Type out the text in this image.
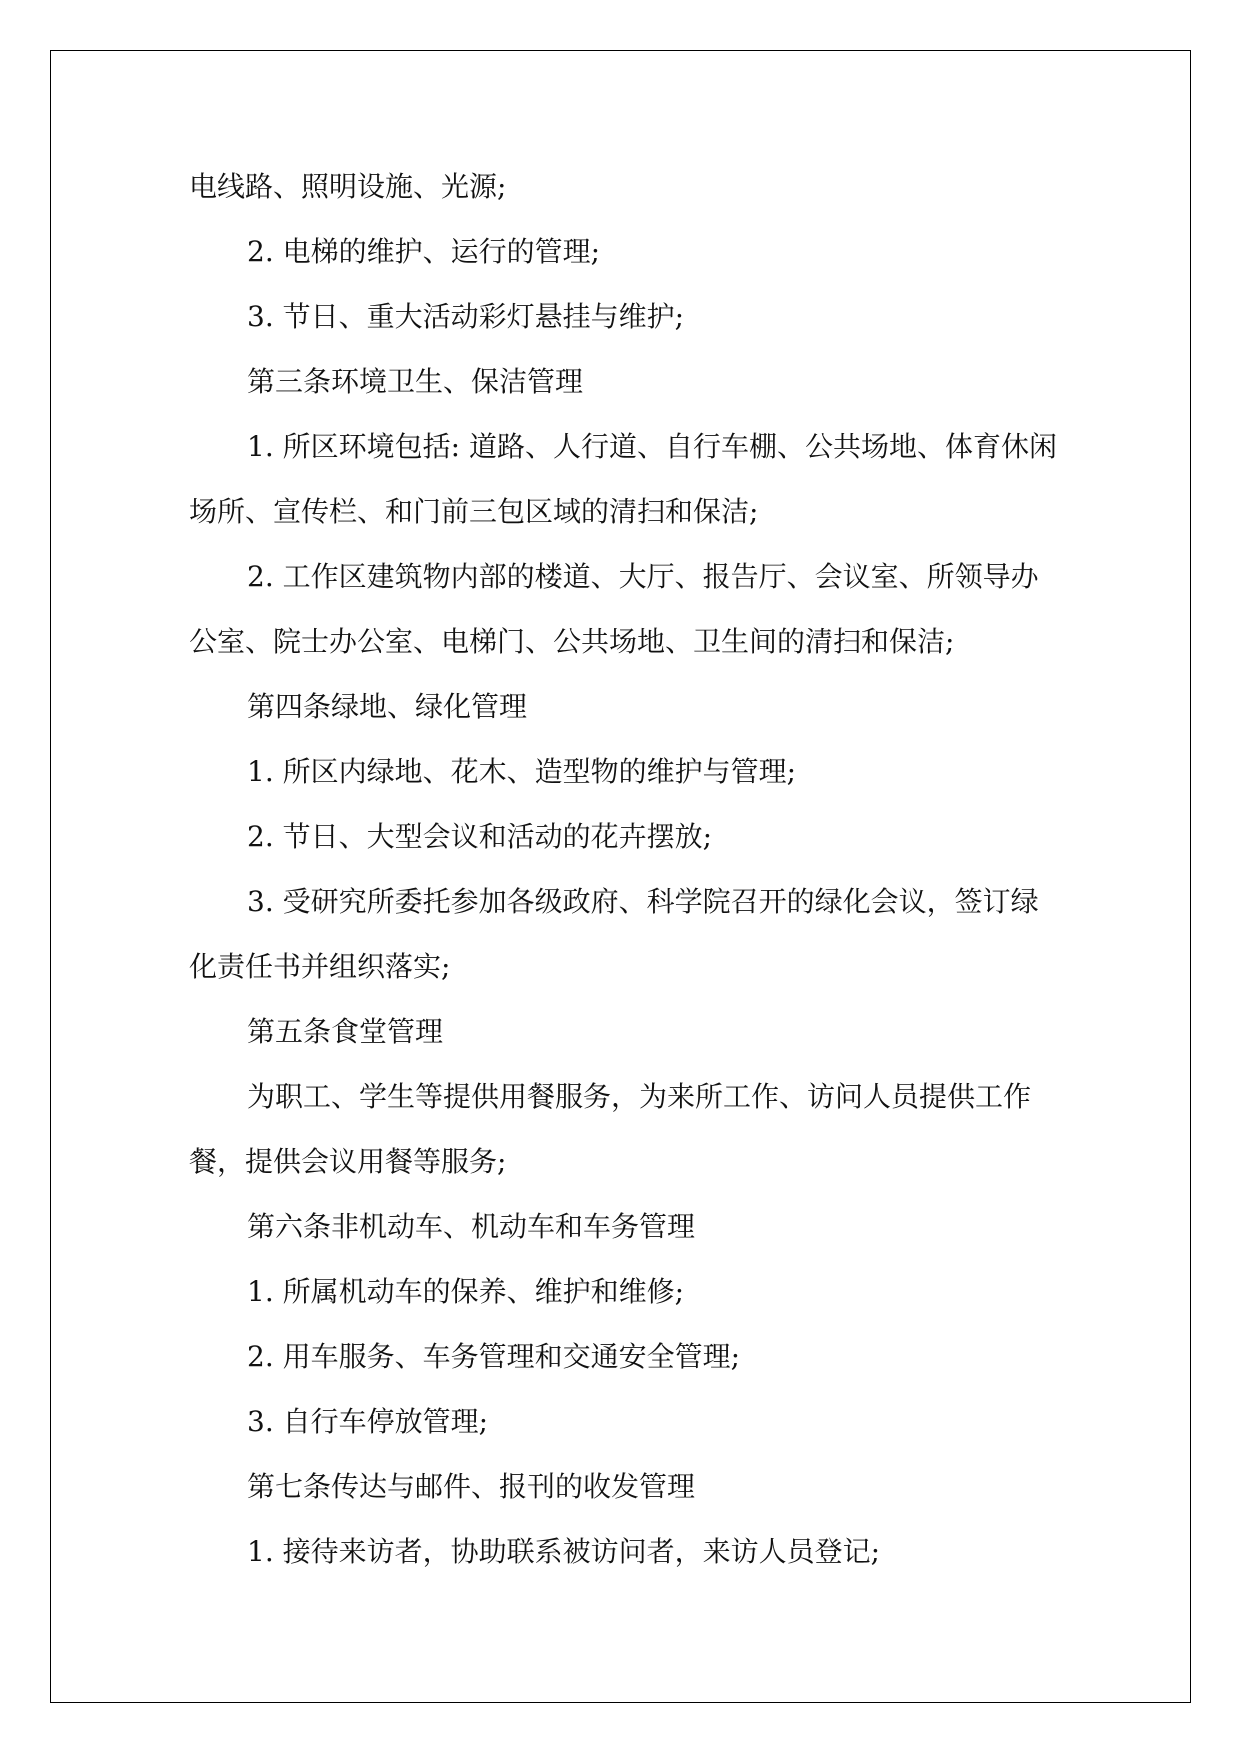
电线路、照明设施、光源;

2. 电梯的维护、运行的管理;

3. 节日、重大活动彩灯悬挂与维护;

第三条环境卫生、保洁管理

1. 所区环境包括: 道路、人行道、自行车棚、公共场地、体育休闲场所、宣传栏、和门前三包区域的清扫和保洁;

2. 工作区建筑物内部的楼道、大厅、报告厅、会议室、所领导办公室、院士办公室、电梯门、公共场地、卫生间的清扫和保洁;

第四条绿地、绿化管理

1. 所区内绿地、花木、造型物的维护与管理;

2. 节日、大型会议和活动的花卉摆放;

3. 受研究所委托参加各级政府、科学院召开的绿化会议，签订绿化责任书并组织落实;

第五条食堂管理

为职工、学生等提供用餐服务，为来所工作、访问人员提供工作餐，提供会议用餐等服务;

第六条非机动车、机动车和车务管理

1. 所属机动车的保养、维护和维修;

2. 用车服务、车务管理和交通安全管理;

3. 自行车停放管理;

第七条传达与邮件、报刊的收发管理

1. 接待来访者，协助联系被访问者，来访人员登记;
